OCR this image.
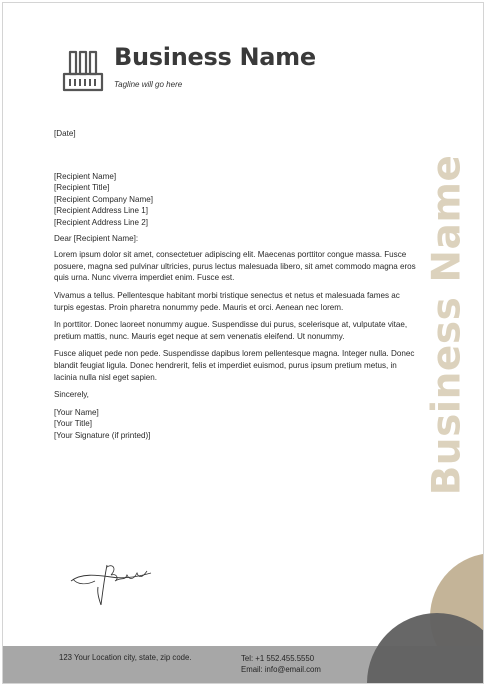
Business Name
Tagline will go here
Business Name

[Date]

[Recipient Name]
[Recipient Title]
[Recipient Company Name]
[Recipient Address Line 1]
[Recipient Address Line 2]

Dear [Recipient Name]:

Lorem ipsum dolor sit amet, consectetuer adipiscing elit. Maecenas porttitor congue massa. Fusce posuere, magna sed pulvinar ultricies, purus lectus malesuada libero, sit amet commodo magna eros quis urna. Nunc viverra imperdiet enim. Fusce est.

Vivamus a tellus. Pellentesque habitant morbi tristique senectus et netus et malesuada fames ac turpis egestas. Proin pharetra nonummy pede. Mauris et orci. Aenean nec lorem.

In porttitor. Donec laoreet nonummy augue. Suspendisse dui purus, scelerisque at, vulputate vitae, pretium mattis, nunc. Mauris eget neque at sem venenatis eleifend. Ut nonummy.

Fusce aliquet pede non pede. Suspendisse dapibus lorem pellentesque magna. Integer nulla. Donec blandit feugiat ligula. Donec hendrerit, felis et imperdiet euismod, purus ipsum pretium metus, in lacinia nulla nisl eget sapien.

Sincerely,

[Your Name]
[Your Title]
[Your Signature (if printed)]

123 Your Location city, state, zip code.	Tel: +1 552.455.5550
Email: info@email.com
